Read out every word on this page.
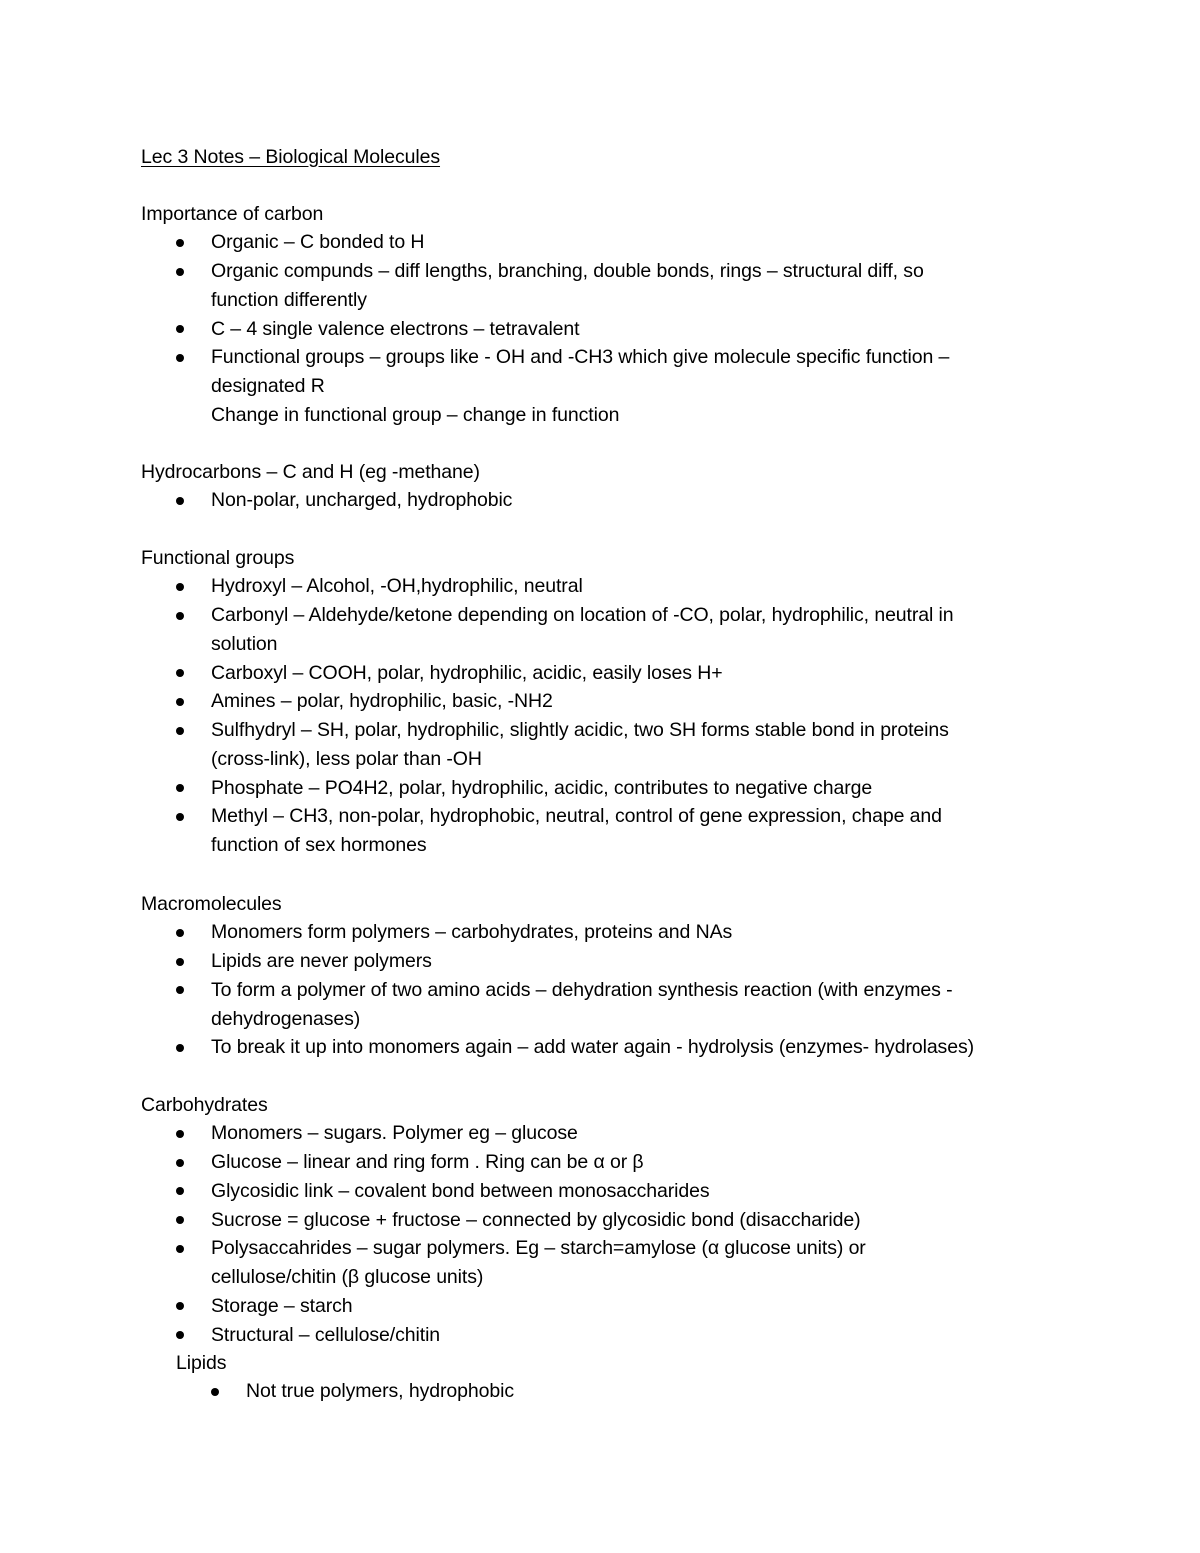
Lec 3 Notes – Biological Molecules
Importance of carbon
Organic – C bonded to H
Organic compunds – diff lengths, branching, double bonds, rings – structural diff, so
function differently
C – 4 single valence electrons – tetravalent
Functional groups – groups like - OH and -CH3 which give molecule specific function –
designated R
Change in functional group – change in function
Hydrocarbons – C and H (eg -methane)
Non-polar, uncharged, hydrophobic
Functional groups
Hydroxyl – Alcohol, -OH,hydrophilic, neutral
Carbonyl – Aldehyde/ketone depending on location of -CO, polar, hydrophilic, neutral in
solution
Carboxyl – COOH, polar, hydrophilic, acidic, easily loses H+
Amines – polar, hydrophilic, basic, -NH2
Sulfhydryl – SH, polar, hydrophilic, slightly acidic, two SH forms stable bond in proteins
(cross-link), less polar than -OH
Phosphate – PO4H2, polar, hydrophilic, acidic, contributes to negative charge
Methyl – CH3, non-polar, hydrophobic, neutral, control of gene expression, chape and
function of sex hormones
Macromolecules
Monomers form polymers – carbohydrates, proteins and NAs
Lipids are never polymers
To form a polymer of two amino acids – dehydration synthesis reaction (with enzymes -
dehydrogenases)
To break it up into monomers again – add water again - hydrolysis (enzymes- hydrolases)
Carbohydrates
Monomers – sugars. Polymer eg – glucose
Glucose – linear and ring form . Ring can be α or β
Glycosidic link – covalent bond between monosaccharides
Sucrose = glucose + fructose – connected by glycosidic bond (disaccharide)
Polysaccahrides – sugar polymers. Eg – starch=amylose (α glucose units) or
cellulose/chitin (β glucose units)
Storage – starch
Structural – cellulose/chitin
Lipids
Not true polymers, hydrophobic
